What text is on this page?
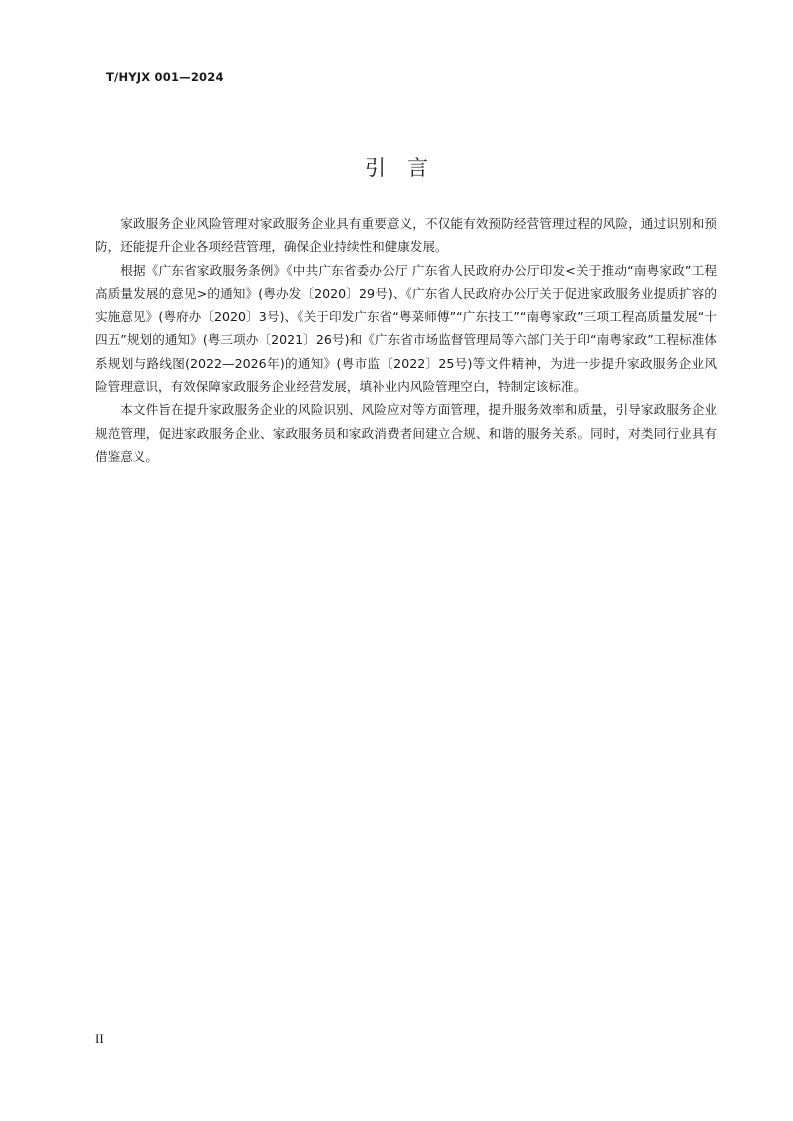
T/HYJX 001—2024
引言

家政服务企业风险管理对家政服务企业具有重要意义，不仅能有效预防经营管理过程的风险，通过识别和预防，还能提升企业各项经营管理，确保企业持续性和健康发展。

根据《广东省家政服务条例》《中共广东省委办公厅 广东省人民政府办公厅印发<关于推动“南粤家政”工程高质量发展的意见>的通知》(粤办发〔2020〕29号)、《广东省人民政府办公厅关于促进家政服务业提质扩容的实施意见》(粤府办〔2020〕3号)、《关于印发广东省“粤菜师傅”“广东技工”“南粤家政”三项工程高质量发展“十四五”规划的通知》(粤三项办〔2021〕26号)和《广东省市场监督管理局等六部门关于印“南粤家政”工程标准体系规划与路线图(2022—2026年)的通知》(粤市监〔2022〕25号)等文件精神，为进一步提升家政服务企业风险管理意识，有效保障家政服务企业经营发展，填补业内风险管理空白，特制定该标准。

本文件旨在提升家政服务企业的风险识别、风险应对等方面管理，提升服务效率和质量，引导家政服务企业规范管理，促进家政服务企业、家政服务员和家政消费者间建立合规、和谐的服务关系。同时，对类同行业具有借鉴意义。

II
